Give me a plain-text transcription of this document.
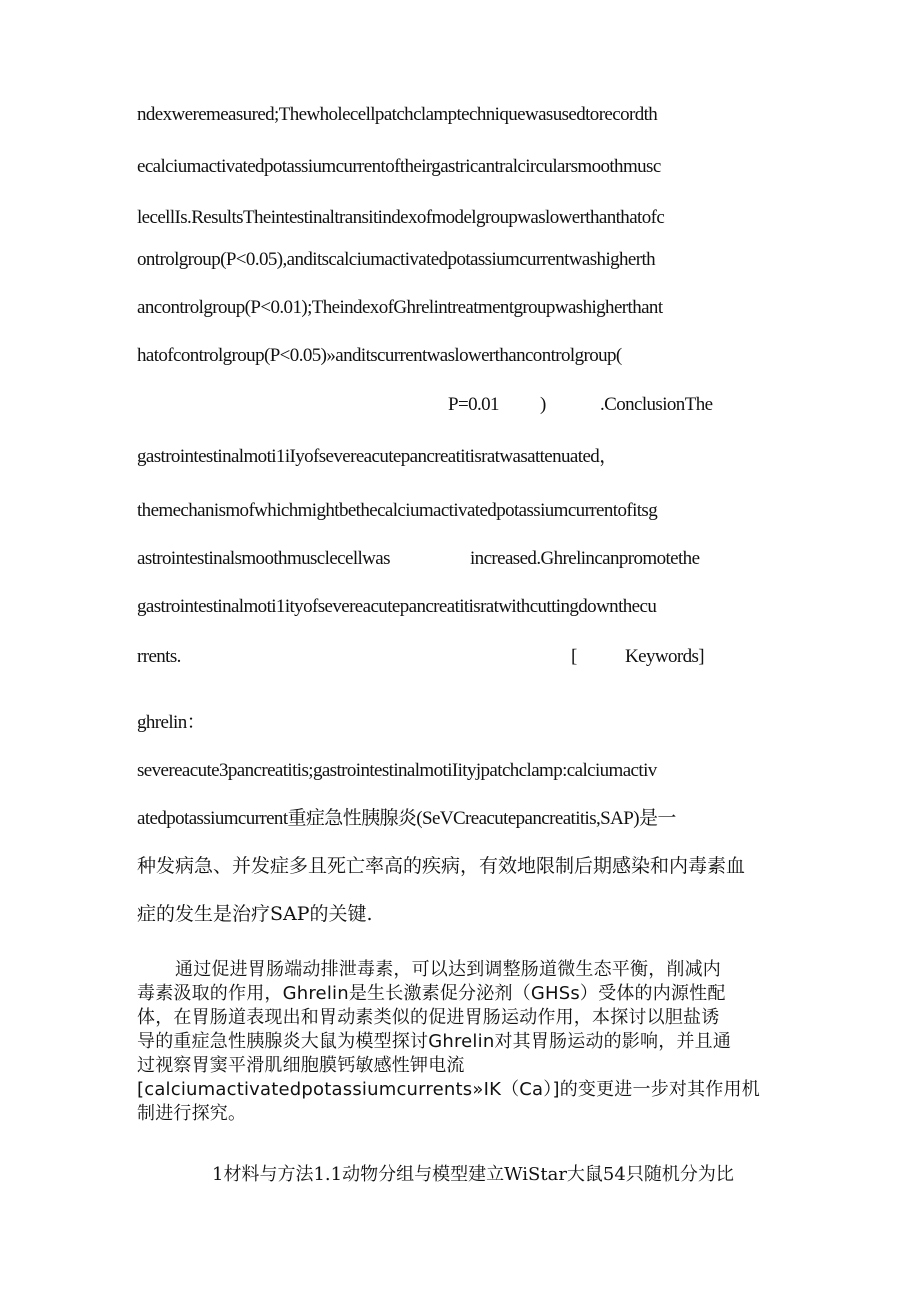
ndexweremeasured;Thewholecellpatchclamptechniquewasusedtorecordth
ecalciumactivatedpotassiumcurrentoftheirgastricantralcircularsmoothmusc
lecellIs.ResultsTheintestinaltransitindexofmodelgroupwaslowerthanthatofc
ontrolgroup(P<0.05),anditscalciumactivatedpotassiumcurrentwashigherth
ancontrolgroup(P<0.01);TheindexofGhrelintreatmentgroupwashigherthant
hatofcontrolgroup(P<0.05)»anditscurrentwaslowerthancontrolgroup(
P=0.01 )	.ConclusionThe
gastrointestinalmoti1iIyofsevereacutepancreatitisratwasattenuated，
themechanismofwhichmightbethecalciumactivatedpotassiumcurrentofitsg
astrointestinalsmoothmusclecellwas	increased.Ghrelincanpromotethe
gastrointestinalmoti1ityofsevereacutepancreatitisratwithcuttingdownthecu
rrents.	[	Keywords]
ghrelin：
severeacute3pancreatitis;gastrointestinalmotiIityjpatchclamp:calciumactiv
atedpotassiumcurrent重症急性胰腺炎(SeVCreacutepancreatitis,SAP)是一
种发病急、并发症多且死亡率高的疾病，有效地限制后期感染和内毒素血
症的发生是治疗SAP的关键.
通过促进胃肠端动排泄毒素，可以达到调整肠道微生态平衡，削减内
毒素汲取的作用，Ghrelin是生长激素促分泌剂（GHSs）受体的内源性配
体，在胃肠道表现出和胃动素类似的促进胃肠运动作用，本探讨以胆盐诱
导的重症急性胰腺炎大鼠为模型探讨Ghrelin对其胃肠运动的影响，并且通
过视察胃窦平滑肌细胞膜钙敏感性钾电流
[calciumactivatedpotassiumcurrents»IK（Ca）]的变更进一步对其作用机
制进行探究。
1材料与方法1.1动物分组与模型建立WiStar大鼠54只随机分为比
